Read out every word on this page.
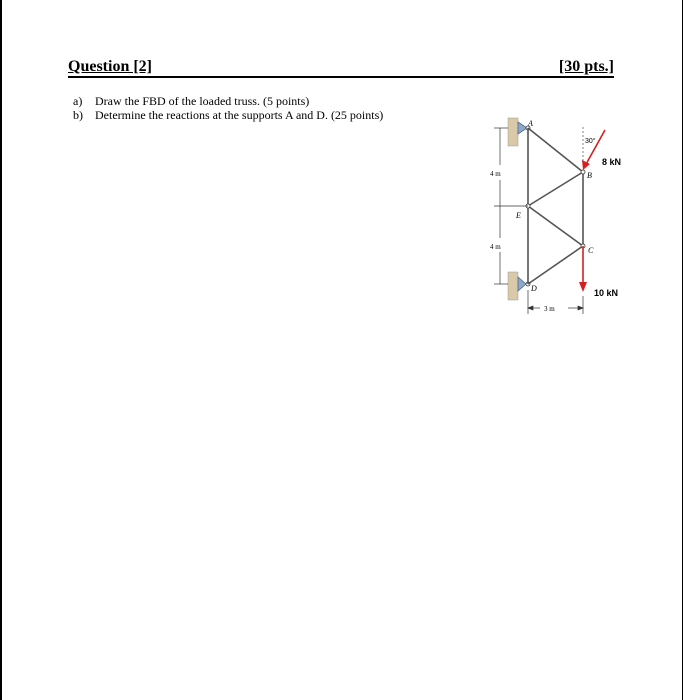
Question [2]	[30 pts.]
a)	Draw the FBD of the loaded truss. (5 points)
b)	Determine the reactions at the supports A and D. (25 points)
A
B
E
C
D
4 m
4 m
3 m
30°
8 kN
10 kN
